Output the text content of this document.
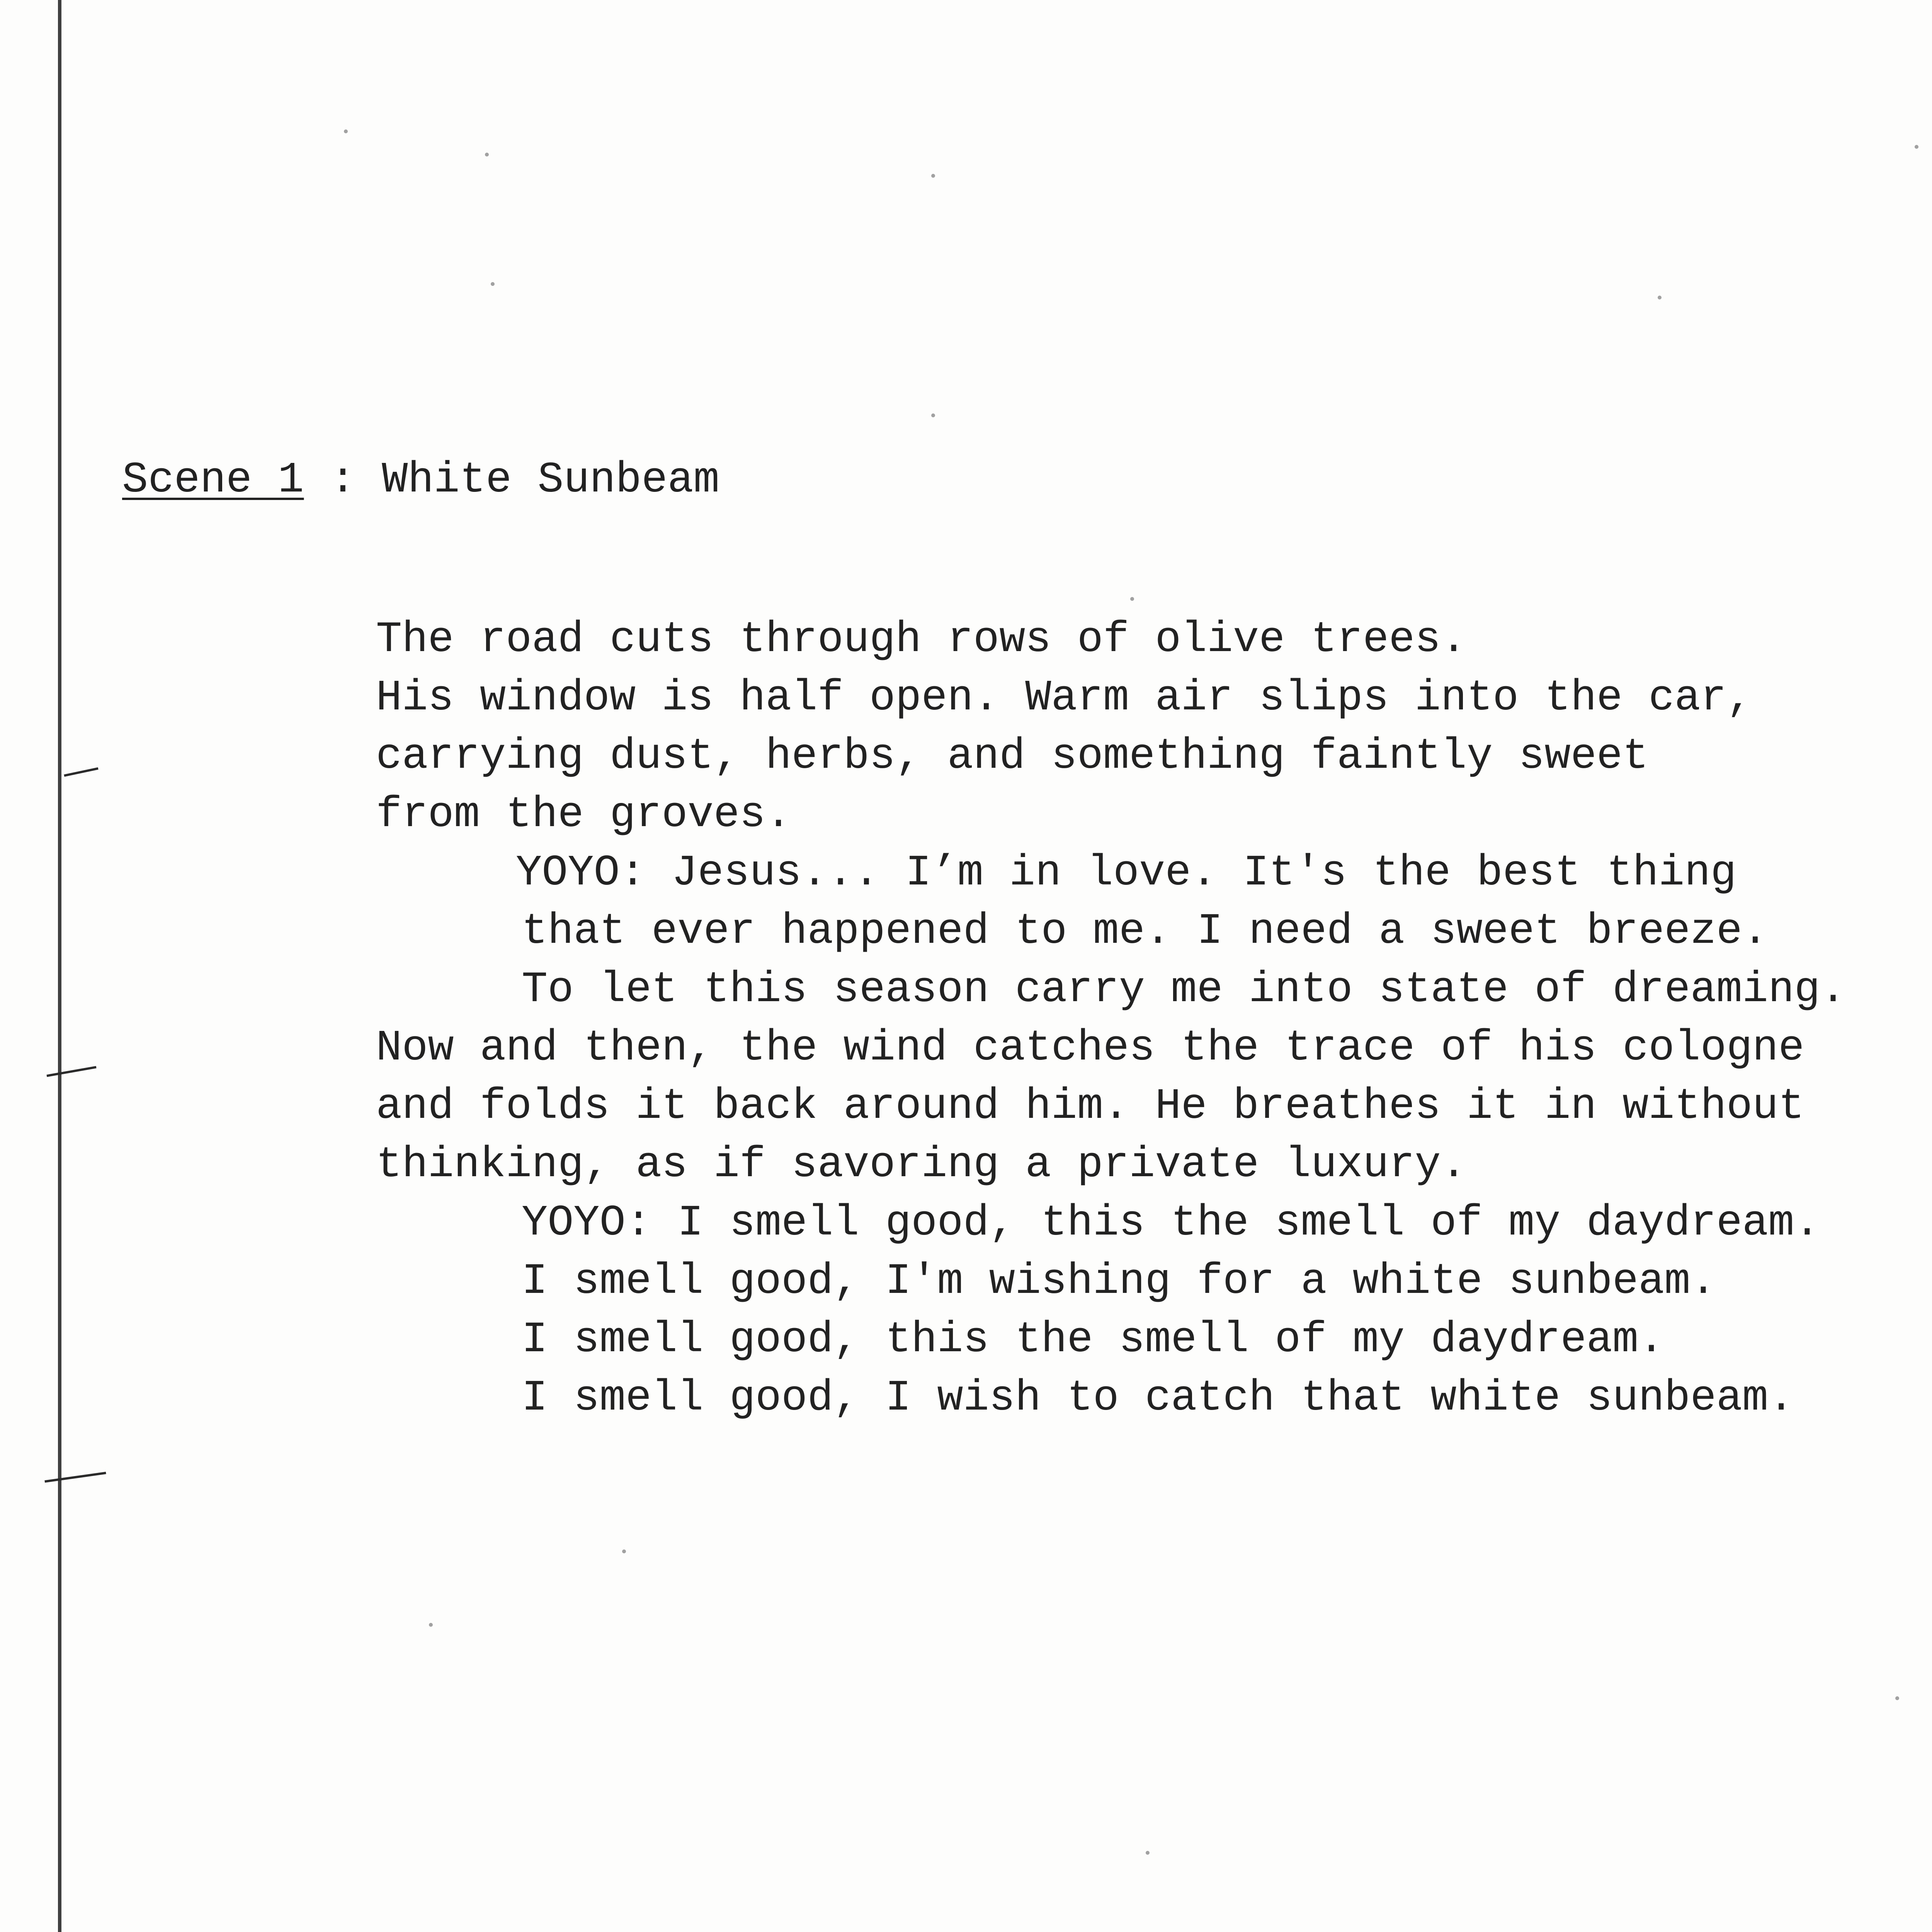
Scene 1 : White Sunbeam
The road cuts through rows of olive trees.
His window is half open. Warm air slips into the car,
carrying dust, herbs, and something faintly sweet
from the groves.
YOYO: Jesus... I’m in love. It's the best thing
that ever happened to me. I need a sweet breeze.
To let this season carry me into state of dreaming.
Now and then, the wind catches the trace of his cologne
and folds it back around him. He breathes it in without
thinking, as if savoring a private luxury.
YOYO: I smell good, this the smell of my daydream.
I smell good, I'm wishing for a white sunbeam.
I smell good, this the smell of my daydream.
I smell good, I wish to catch that white sunbeam.
